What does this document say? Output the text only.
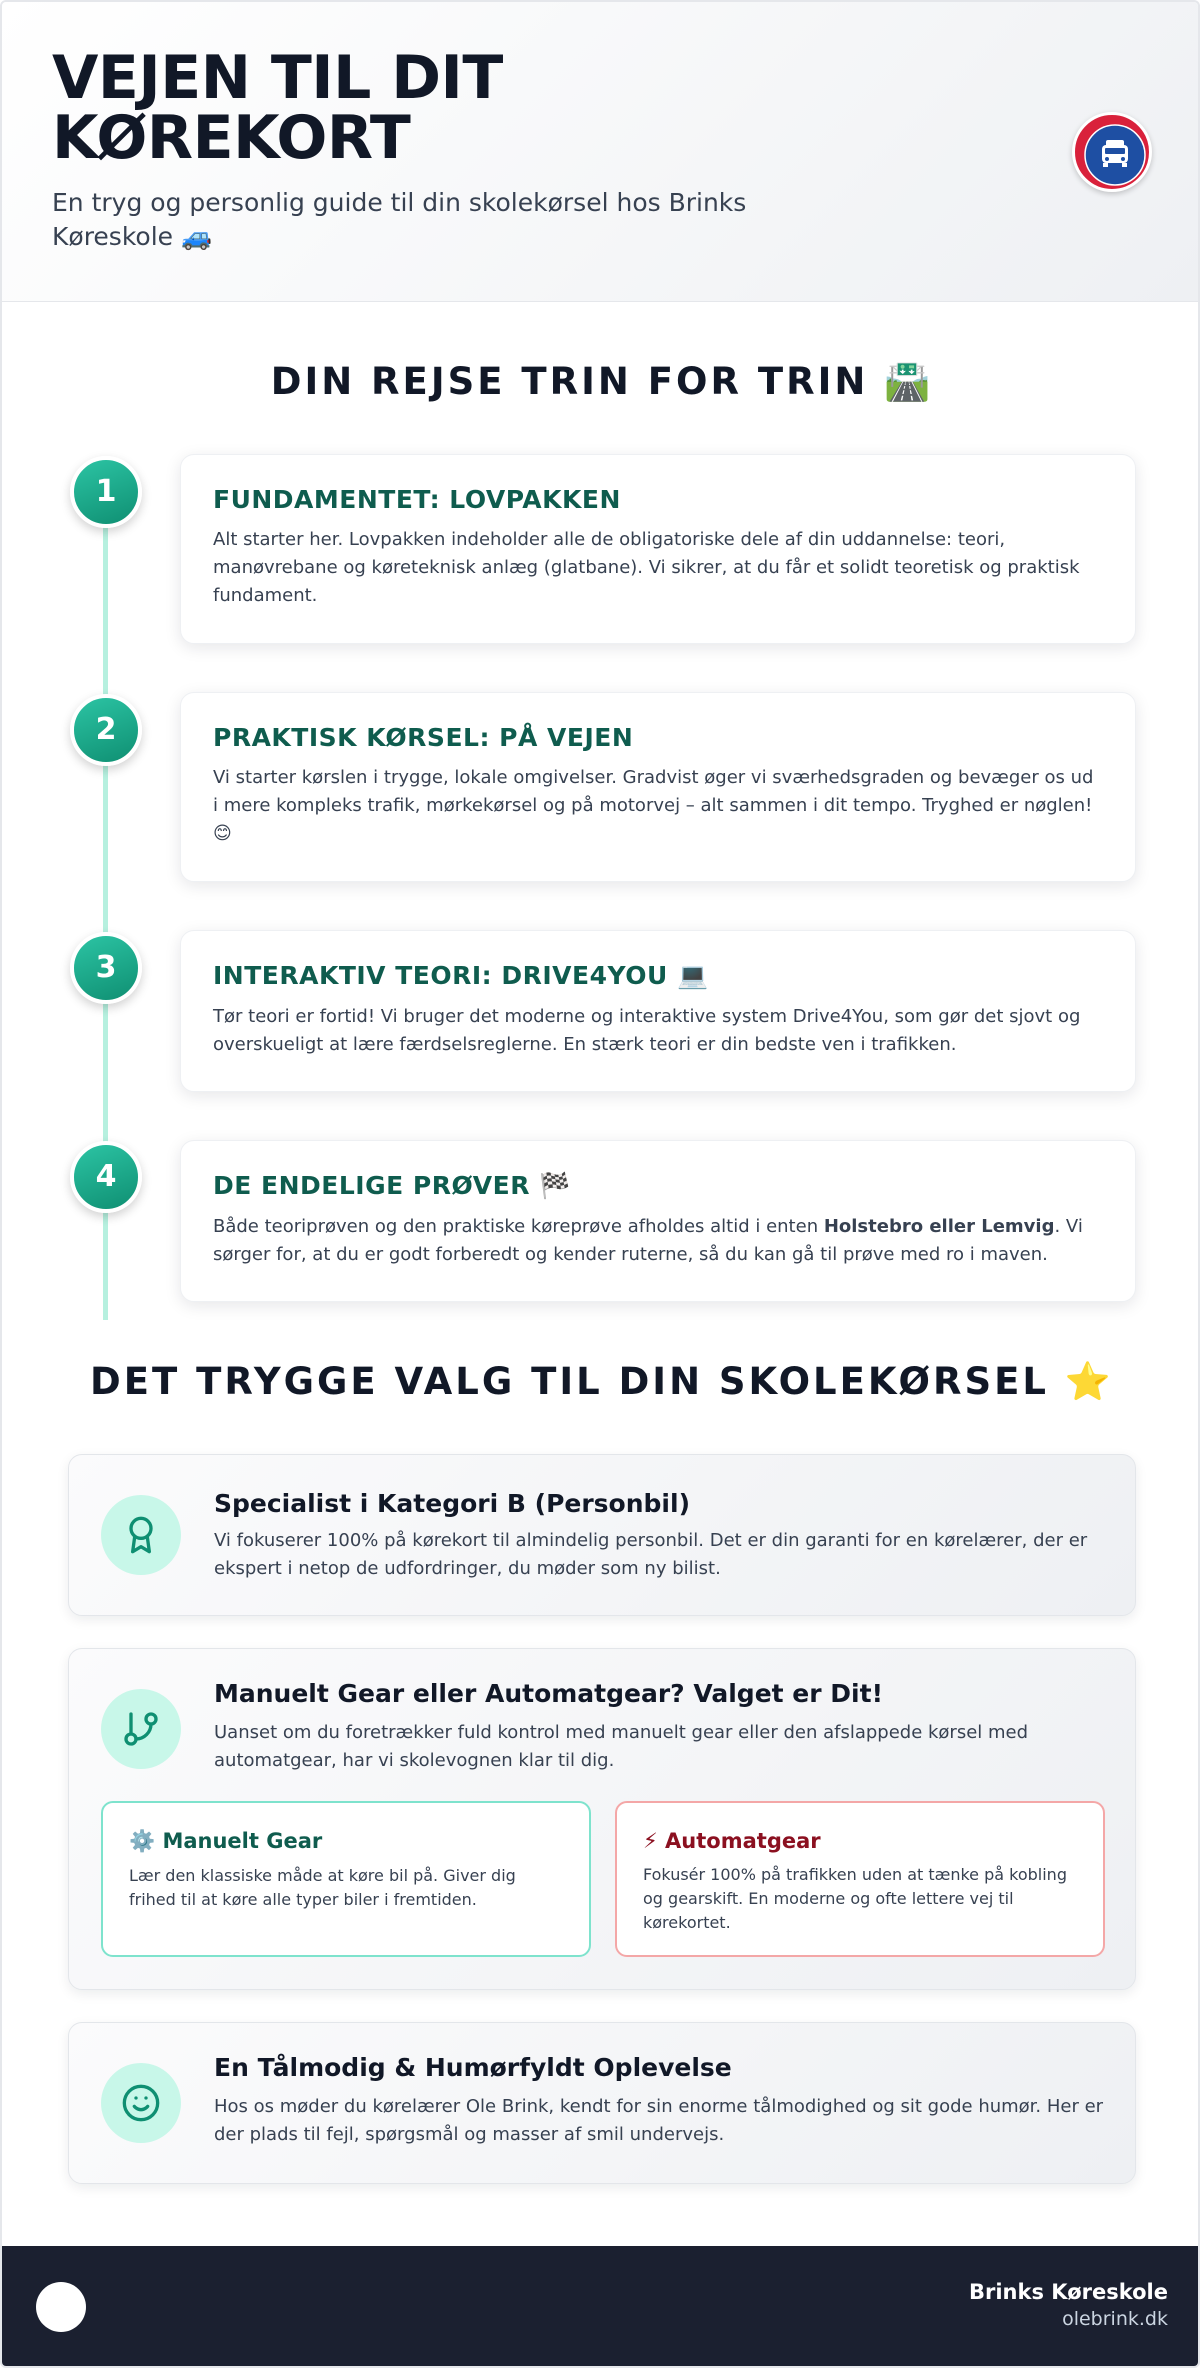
VEJEN TIL DIT KØREKORT

En tryg og personlig guide til din skolekørsel hos Brinks Køreskole 🚙

DIN REJSE TRIN FOR TRIN 🛣️
1	FUNDAMENTET: LOVPAKKEN

Alt starter her. Lovpakken indeholder alle de obligatoriske dele af din uddannelse: teori, manøvrebane og køreteknisk anlæg (glatbane). Vi sikrer, at du får et solidt teoretisk og praktisk fundament.

2	PRAKTISK KØRSEL: PÅ VEJEN

Vi starter kørslen i trygge, lokale omgivelser. Gradvist øger vi sværhedsgraden og bevæger os ud i mere kompleks trafik, mørkekørsel og på motorvej – alt sammen i dit tempo. Tryghed er nøglen! 😊

3	INTERAKTIV TEORI: DRIVE4YOU 💻

Tør teori er fortid! Vi bruger det moderne og interaktive system Drive4You, som gør det sjovt og overskueligt at lære færdselsreglerne. En stærk teori er din bedste ven i trafikken.

4	DE ENDELIGE PRØVER 🏁

Både teoriprøven og den praktiske køreprøve afholdes altid i enten Holstebro eller Lemvig. Vi sørger for, at du er godt forberedt og kender ruterne, så du kan gå til prøve med ro i maven.

DET TRYGGE VALG TIL DIN SKOLEKØRSEL ⭐
Specialist i Kategori B (Personbil)

Vi fokuserer 100% på kørekort til almindelig personbil. Det er din garanti for en kørelærer, der er ekspert i netop de udfordringer, du møder som ny bilist.

Manuelt Gear eller Automatgear? Valget er Dit!

Uanset om du foretrækker fuld kontrol med manuelt gear eller den afslappede kørsel med automatgear, har vi skolevognen klar til dig.

⚙️ Manuelt Gear

Lær den klassiske måde at køre bil på. Giver dig frihed til at køre alle typer biler i fremtiden.

⚡ Automatgear

Fokusér 100% på trafikken uden at tænke på kobling og gearskift. En moderne og ofte lettere vej til kørekortet.

En Tålmodig & Humørfyldt Oplevelse

Hos os møder du kørelærer Ole Brink, kendt for sin enorme tålmodighed og sit gode humør. Her er der plads til fejl, spørgsmål og masser af smil undervejs.

Brinks Køreskole
olebrink.dk
